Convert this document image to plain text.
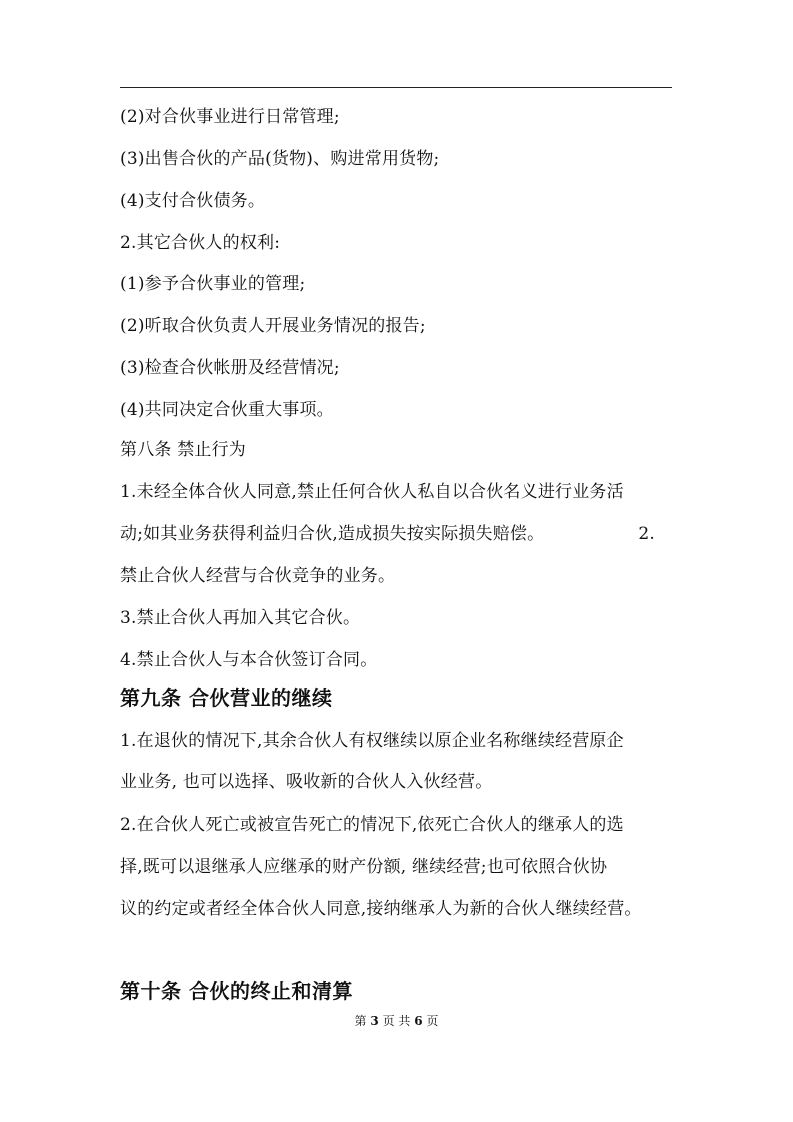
(2)对合伙事业进行日常管理;
(3)出售合伙的产品(货物)、购进常用货物;
(4)支付合伙债务。
2.其它合伙人的权利:
(1)参予合伙事业的管理;
(2)听取合伙负责人开展业务情况的报告;
(3)检查合伙帐册及经营情况;
(4)共同决定合伙重大事项。
第八条 禁止行为
1.未经全体合伙人同意,禁止任何合伙人私自以合伙名义进行业务活
动;如其业务获得利益归合伙,造成损失按实际损失赔偿。	2.
禁止合伙人经营与合伙竞争的业务。
3.禁止合伙人再加入其它合伙。
4.禁止合伙人与本合伙签订合同。
第九条 合伙营业的继续
1.在退伙的情况下,其余合伙人有权继续以原企业名称继续经营原企
业业务, 也可以选择、吸收新的合伙人入伙经营。
2.在合伙人死亡或被宣告死亡的情况下,依死亡合伙人的继承人的选
择,既可以退继承人应继承的财产份额, 继续经营;也可依照合伙协
议的约定或者经全体合伙人同意,接纳继承人为新的合伙人继续经营。
第十条 合伙的终止和清算
第 3 页 共 6 页
